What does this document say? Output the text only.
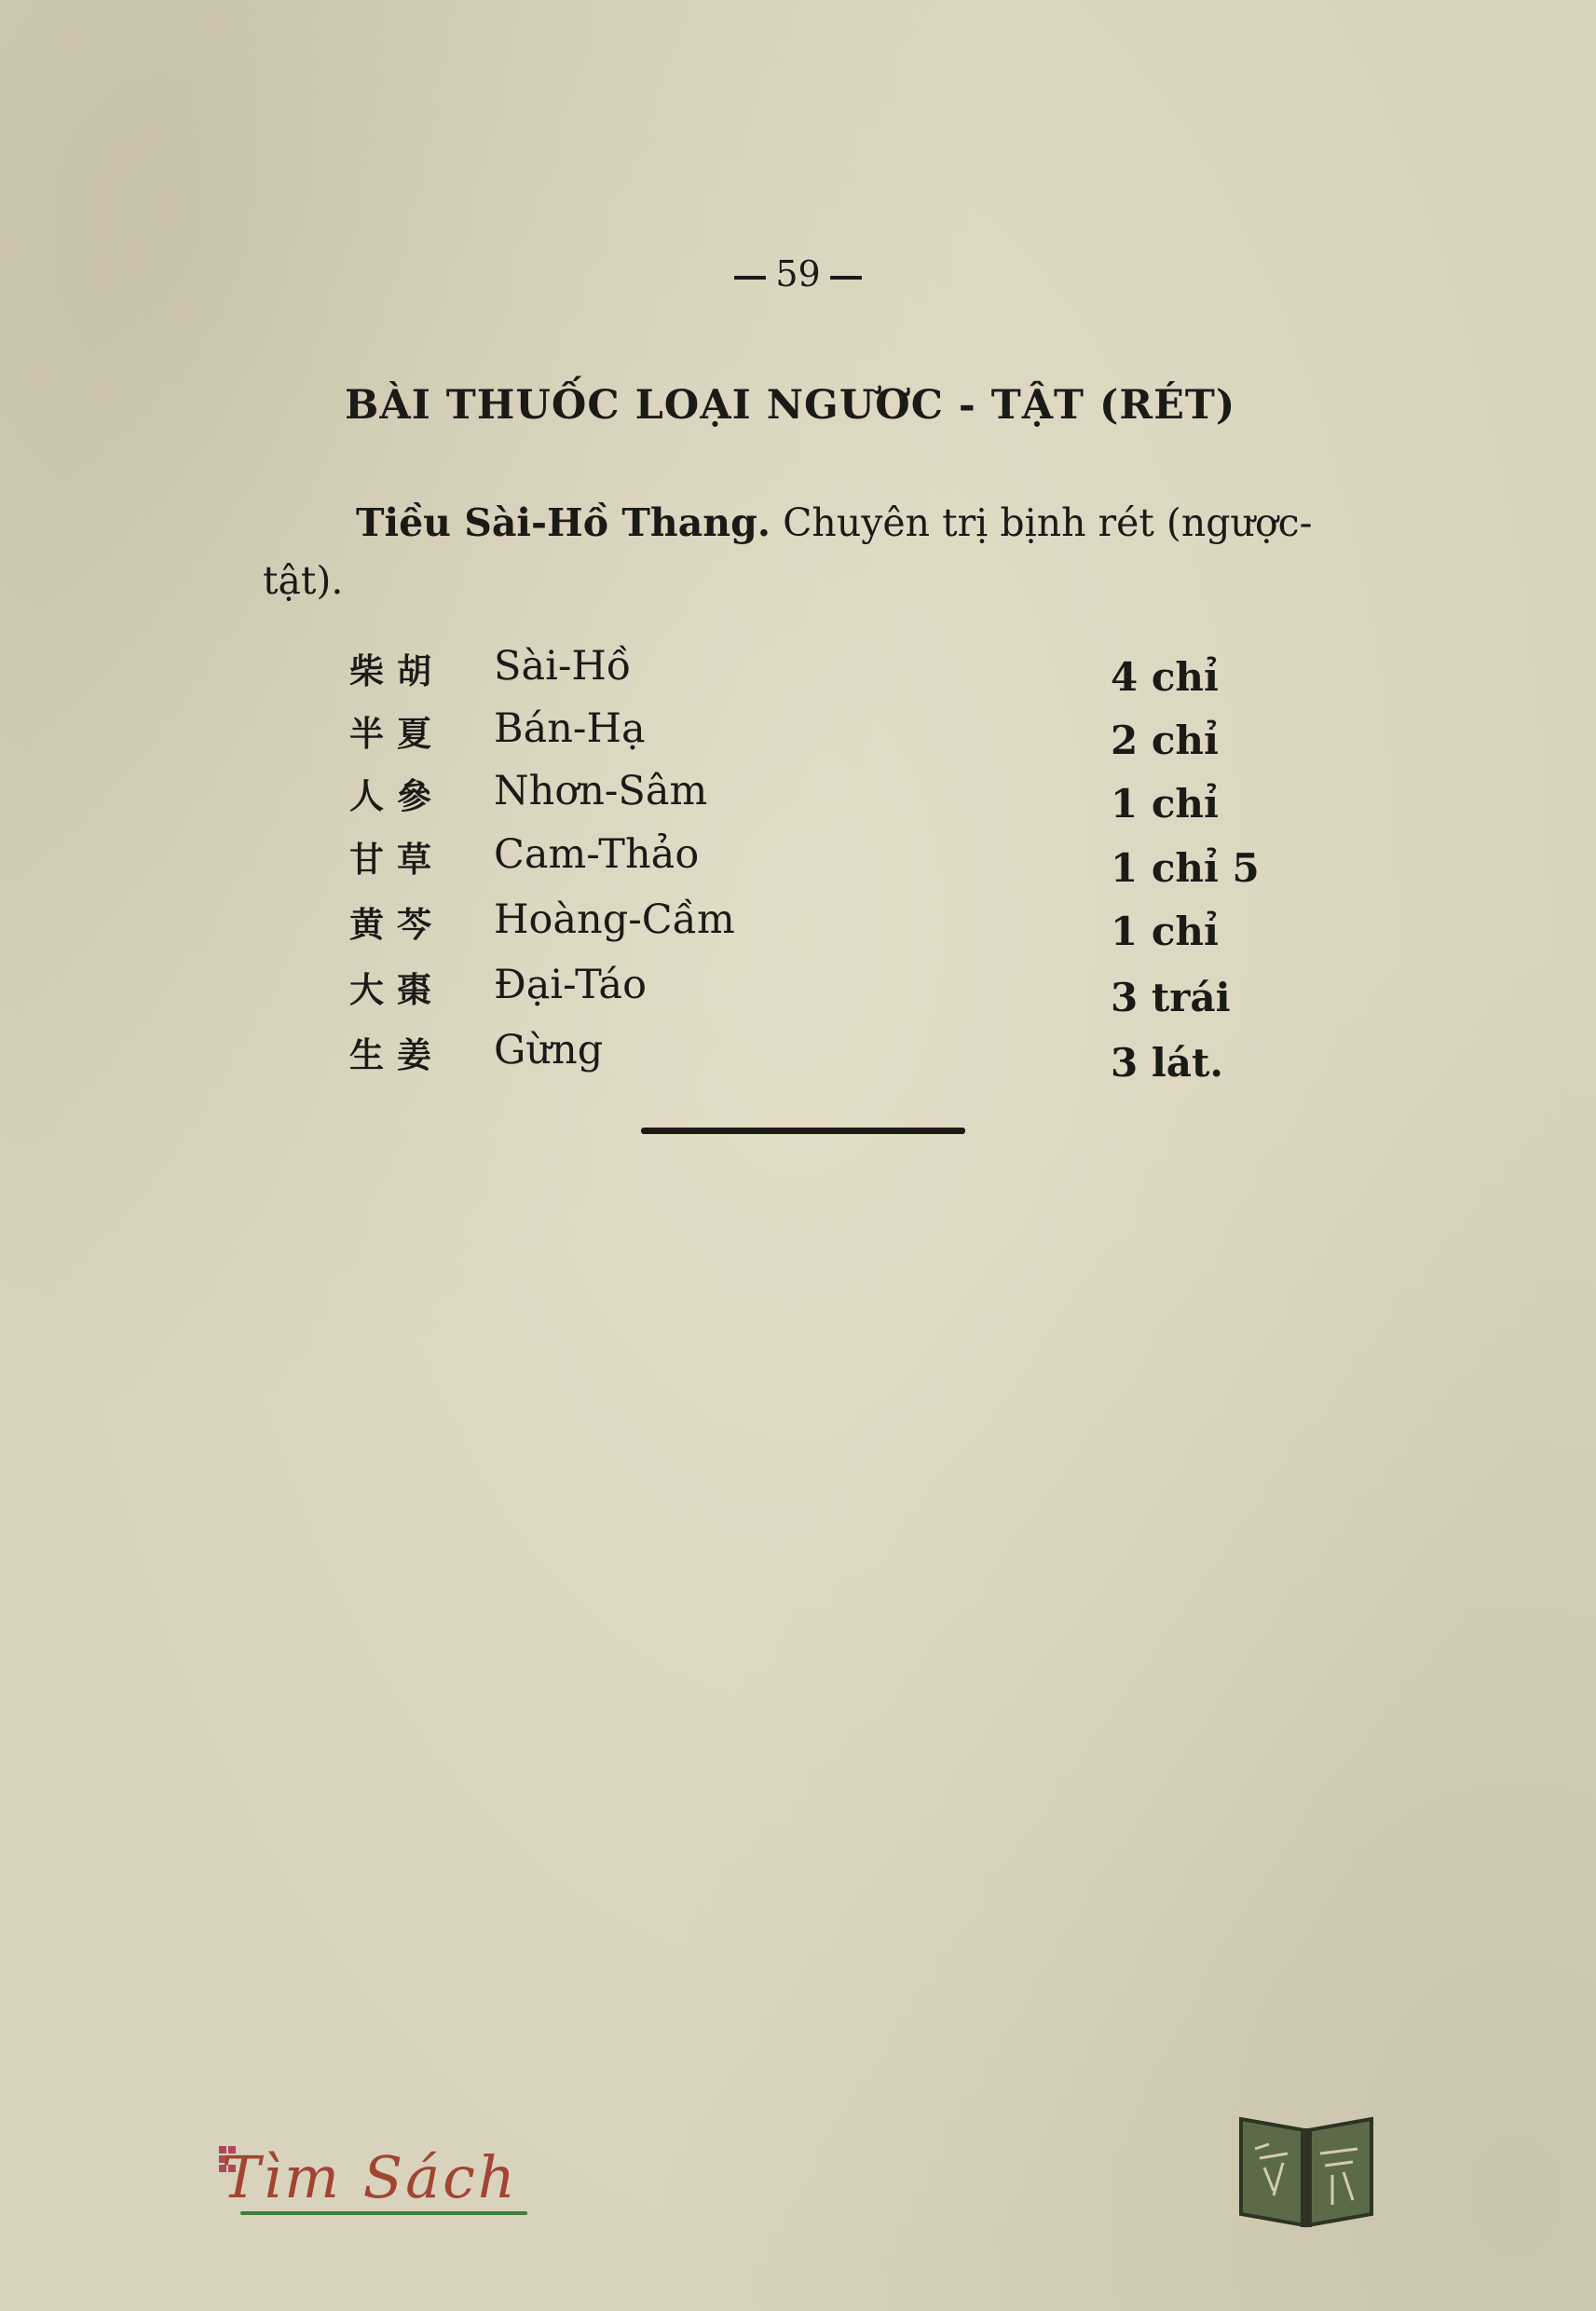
59
BÀI THUỐC LOẠI NGƯƠC - TẬT (RÉT)
Tiều Sài-Hồ Thang. Chuyên trị bịnh rét (ngược-
tật).
柴胡 Sài-Hồ	4 chỉ
半夏 Bán-Hạ	2 chỉ
人參 Nhơn-Sâm	1 chỉ
甘草 Cam-Thảo	1 chỉ 5
黄芩 Hoàng-Cầm	1 chỉ
大棗 Đại-Táo	3 trái
生姜 Gừng	3 lát.
Tìm Sách
